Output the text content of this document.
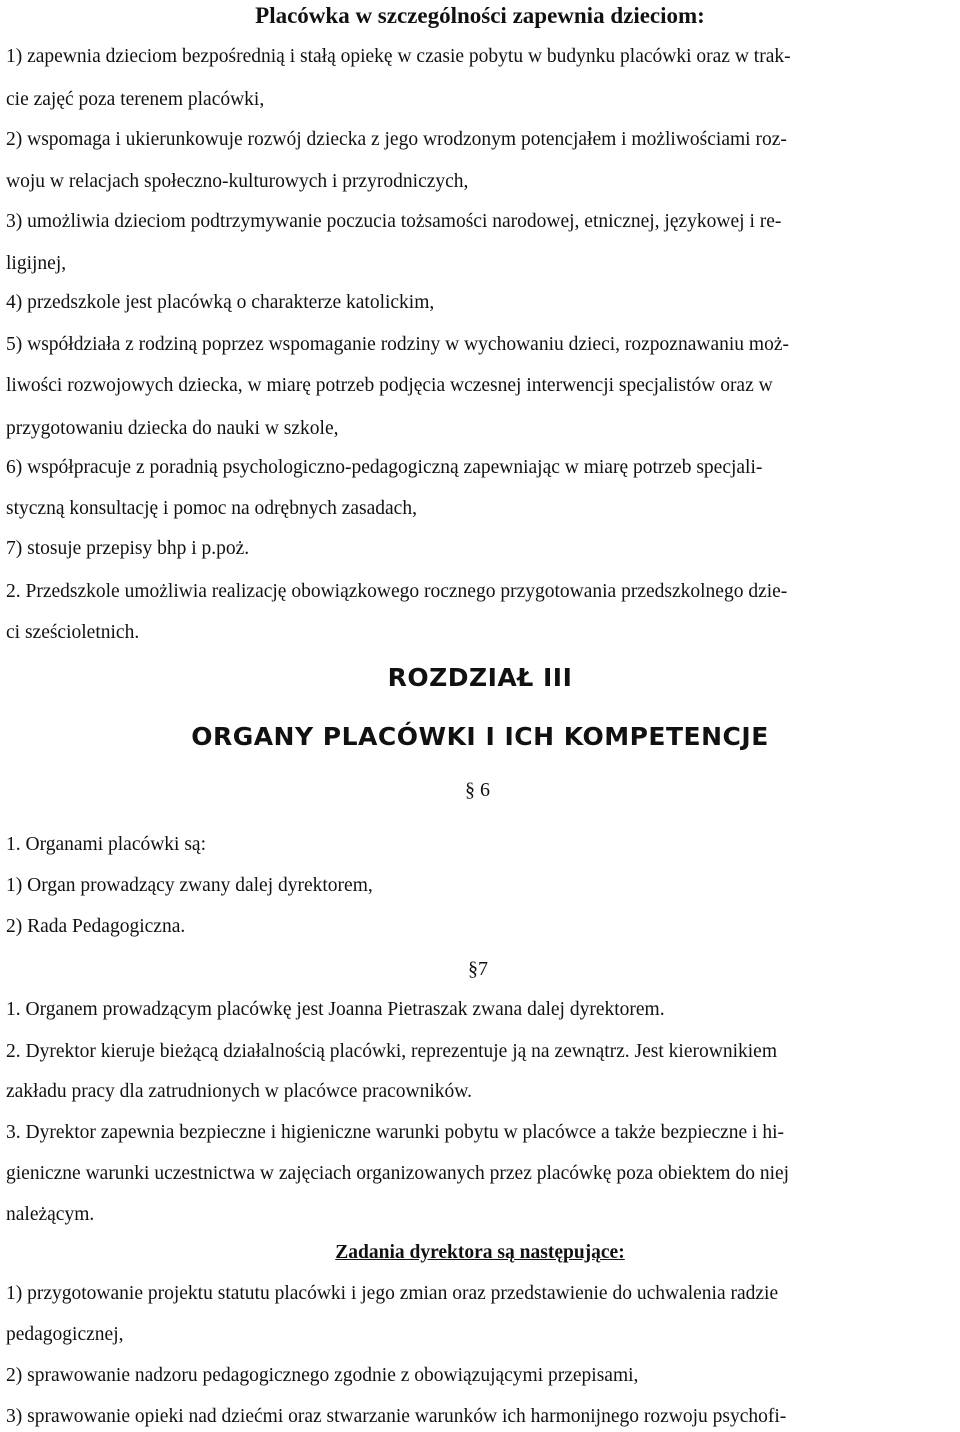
Placówka w szczególności zapewnia dzieciom:
1) zapewnia dzieciom bezpośrednią i stałą opiekę w czasie pobytu w budynku placówki oraz w trak-
cie zajęć poza terenem placówki,
2) wspomaga i ukierunkowuje rozwój dziecka z jego wrodzonym potencjałem i możliwościami roz-
woju w relacjach społeczno-kulturowych i przyrodniczych,
3) umożliwia dzieciom podtrzymywanie poczucia tożsamości narodowej, etnicznej, językowej i re-
ligijnej,
4) przedszkole jest placówką o charakterze katolickim,
5) współdziała z rodziną poprzez wspomaganie rodziny w wychowaniu dzieci, rozpoznawaniu moż-
liwości rozwojowych dziecka, w miarę potrzeb podjęcia wczesnej interwencji specjalistów oraz w
przygotowaniu dziecka do nauki w szkole,
6) współpracuje z poradnią psychologiczno-pedagogiczną zapewniając w miarę potrzeb specjali-
styczną konsultację i pomoc na odrębnych zasadach,
7) stosuje przepisy bhp i p.poż.
2. Przedszkole umożliwia realizację obowiązkowego rocznego przygotowania przedszkolnego dzie-
ci sześcioletnich.
ROZDZIAŁ III
ORGANY PLACÓWKI I ICH KOMPETENCJE
§ 6
1. Organami placówki są:
1) Organ prowadzący zwany dalej dyrektorem,
2) Rada Pedagogiczna.
§7
1. Organem prowadzącym placówkę jest Joanna Pietraszak zwana dalej dyrektorem.
2. Dyrektor kieruje bieżącą działalnością placówki, reprezentuje ją na zewnątrz. Jest kierownikiem
zakładu pracy dla zatrudnionych w placówce pracowników.
3. Dyrektor zapewnia bezpieczne i higieniczne warunki pobytu w placówce a także bezpieczne i hi-
gieniczne warunki uczestnictwa w zajęciach organizowanych przez placówkę poza obiektem do niej
należącym.
Zadania dyrektora są następujące:
1) przygotowanie projektu statutu placówki i jego zmian oraz przedstawienie do uchwalenia radzie
pedagogicznej,
2) sprawowanie nadzoru pedagogicznego zgodnie z obowiązującymi przepisami,
3) sprawowanie opieki nad dziećmi oraz stwarzanie warunków ich harmonijnego rozwoju psychofi-
